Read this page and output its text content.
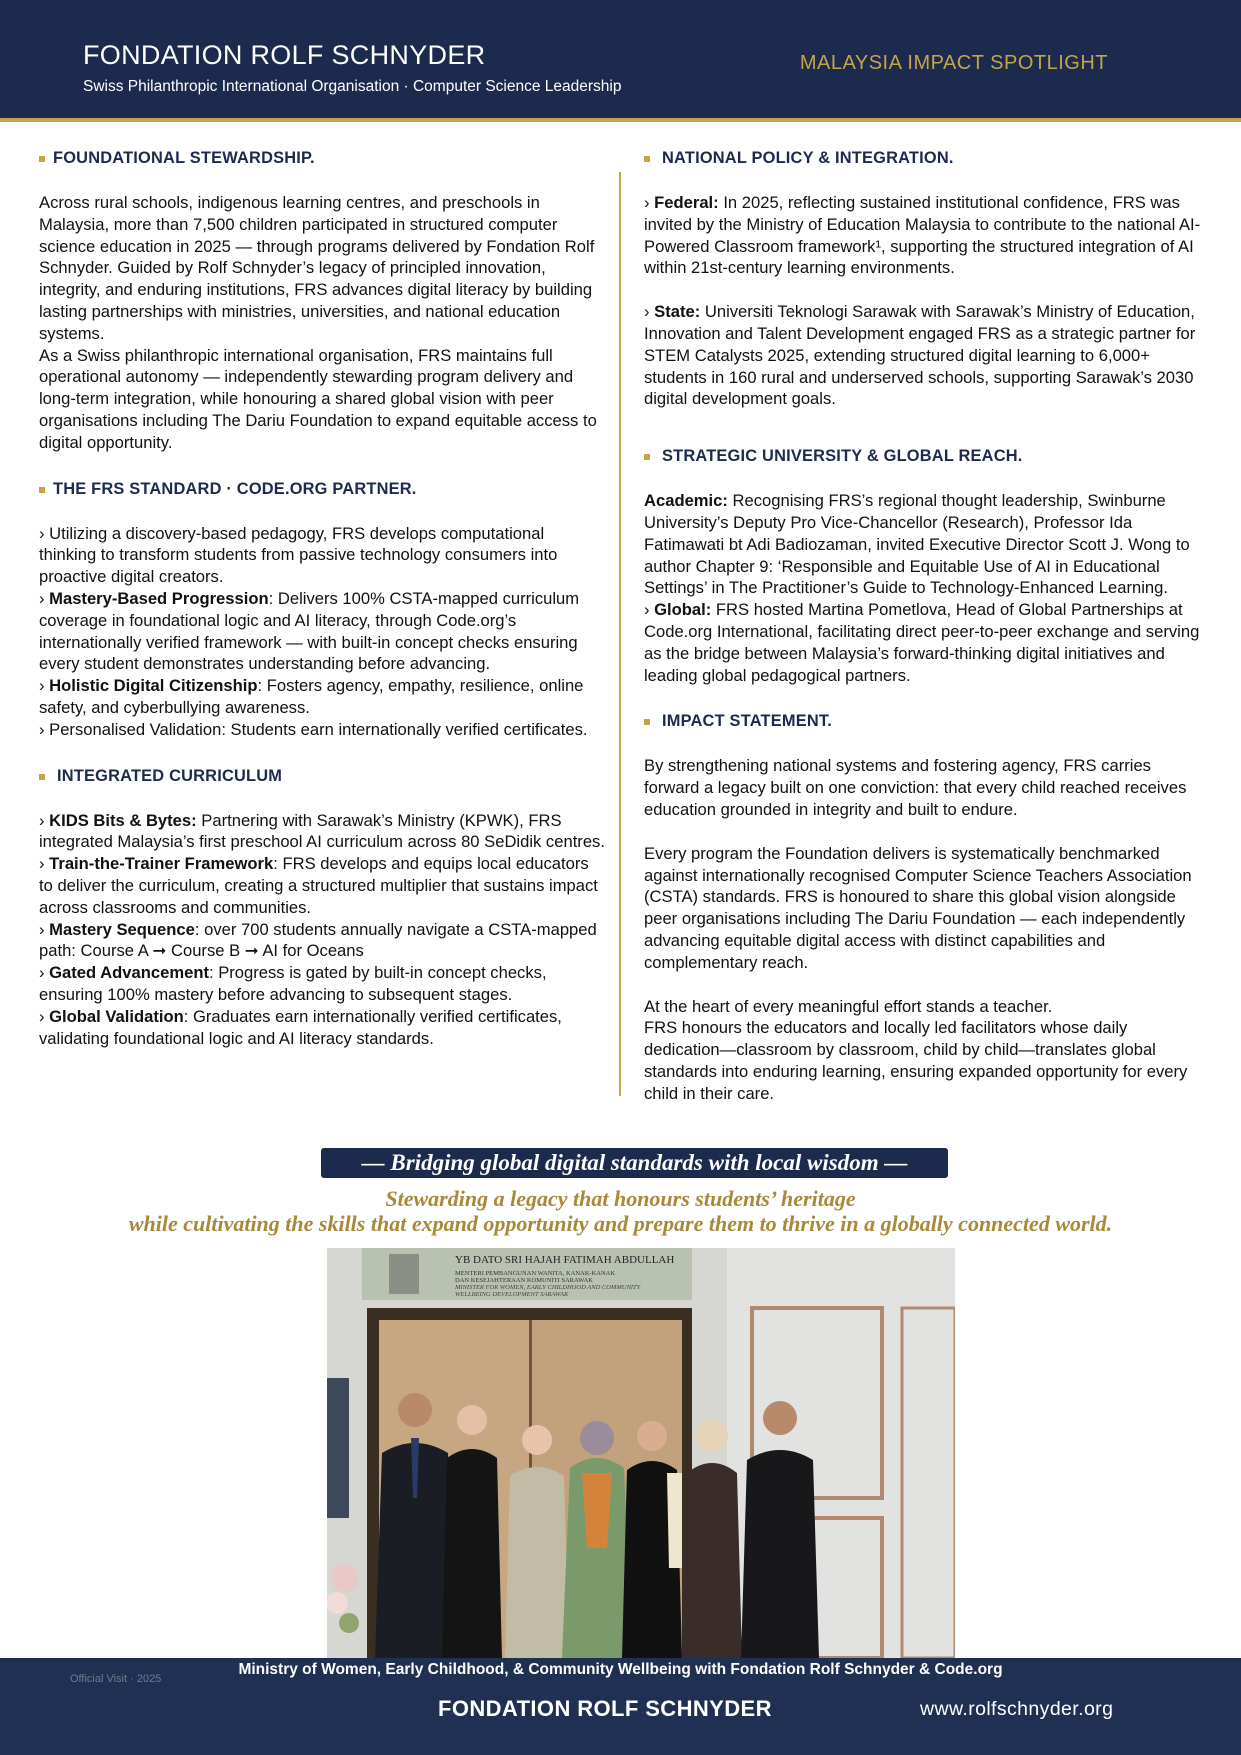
FONDATION ROLF SCHNYDER
Swiss Philanthropic International Organisation · Computer Science Leadership
MALAYSIA IMPACT SPOTLIGHT
FOUNDATIONAL STEWARDSHIP.

Across rural schools, indigenous learning centres, and preschools in Malaysia, more than 7,500 children participated in structured computer science education in 2025 — through programs delivered by Fondation Rolf Schnyder. Guided by Rolf Schnyder’s legacy of principled innovation, integrity, and enduring institutions, FRS advances digital literacy by building lasting partnerships with ministries, universities, and national education systems.

As a Swiss philanthropic international organisation, FRS maintains full operational autonomy — independently stewarding program delivery and long-term integration, while honouring a shared global vision with peer organisations including The Dariu Foundation to expand equitable access to digital opportunity.

THE FRS STANDARD · CODE.ORG PARTNER.

› Utilizing a discovery-based pedagogy, FRS develops computational thinking to transform students from passive technology consumers into proactive digital creators.

› Mastery-Based Progression: Delivers 100% CSTA-mapped curriculum coverage in foundational logic and AI literacy, through Code.org’s internationally verified framework — with built-in concept checks ensuring every student demonstrates understanding before advancing.

› Holistic Digital Citizenship: Fosters agency, empathy, resilience, online safety, and cyberbullying awareness.

› Personalised Validation: Students earn internationally verified certificates.

INTEGRATED CURRICULUM

› KIDS Bits & Bytes: Partnering with Sarawak’s Ministry (KPWK), FRS integrated Malaysia’s first preschool AI curriculum across 80 SeDidik centres.

› Train-the-Trainer Framework: FRS develops and equips local educators to deliver the curriculum, creating a structured multiplier that sustains impact across classrooms and communities.

› Mastery Sequence: over 700 students annually navigate a CSTA-mapped path: Course A ➞ Course B ➞ AI for Oceans

› Gated Advancement: Progress is gated by built-in concept checks, ensuring 100% mastery before advancing to subsequent stages.

› Global Validation: Graduates earn internationally verified certificates, validating foundational logic and AI literacy standards.

NATIONAL POLICY & INTEGRATION.

› Federal: In 2025, reflecting sustained institutional confidence, FRS was invited by the Ministry of Education Malaysia to contribute to the national AI-Powered Classroom framework¹, supporting the structured integration of AI within 21st-century learning environments.

› State: Universiti Teknologi Sarawak with Sarawak’s Ministry of Education, Innovation and Talent Development engaged FRS as a strategic partner for STEM Catalysts 2025, extending structured digital learning to 6,000+ students in 160 rural and underserved schools, supporting Sarawak’s 2030 digital development goals.

STRATEGIC UNIVERSITY & GLOBAL REACH.

Academic: Recognising FRS’s regional thought leadership, Swinburne University’s Deputy Pro Vice-Chancellor (Research), Professor Ida Fatimawati bt Adi Badiozaman, invited Executive Director Scott J. Wong to author Chapter 9: ‘Responsible and Equitable Use of AI in Educational Settings’ in The Practitioner’s Guide to Technology-Enhanced Learning.

› Global: FRS hosted Martina Pometlova, Head of Global Partnerships at Code.org International, facilitating direct peer-to-peer exchange and serving as the bridge between Malaysia’s forward-thinking digital initiatives and leading global pedagogical partners.

IMPACT STATEMENT.

By strengthening national systems and fostering agency, FRS carries forward a legacy built on one conviction: that every child reached receives education grounded in integrity and built to endure.

Every program the Foundation delivers is systematically benchmarked against internationally recognised Computer Science Teachers Association (CSTA) standards. FRS is honoured to share this global vision alongside peer organisations including The Dariu Foundation — each independently advancing equitable digital access with distinct capabilities and complementary reach.

At the heart of every meaningful effort stands a teacher.

FRS honours the educators and locally led facilitators whose daily dedication—classroom by classroom, child by child—translates global standards into enduring learning, ensuring expanded opportunity for every child in their care.

— Bridging global digital standards with local wisdom —
Stewarding a legacy that honours students’ heritage
while cultivating the skills that expand opportunity and prepare them to thrive in a globally connected world.
YB DATO SRI HAJAH FATIMAH ABDULLAH
MENTERI PEMBANGUNAN WANITA, KANAK-KANAK
DAN KESEJAHTERAAN KOMUNITI SARAWAK
MINISTER FOR WOMEN, EARLY CHILDHOOD AND COMMUNITY
WELLBEING DEVELOPMENT SARAWAK
Ministry of Women, Early Childhood, & Community Wellbeing with Fondation Rolf Schnyder & Code.org
Official Visit · 2025
FONDATION ROLF SCHNYDER	www.rolfschnyder.org
